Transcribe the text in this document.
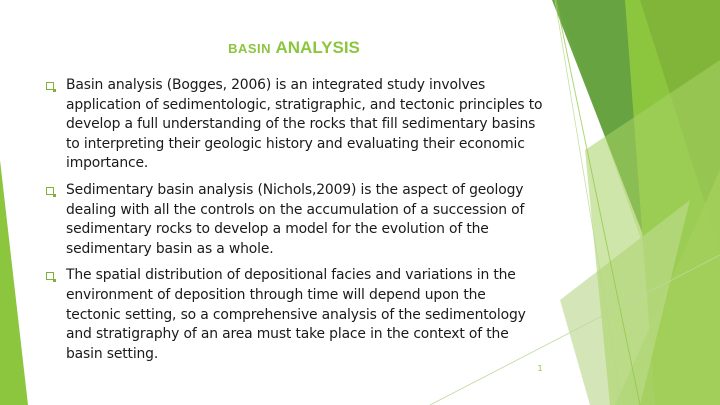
BASIN ANALYSIS
Basin analysis (Bogges, 2006) is an integrated study involves application of sedimentologic, stratigraphic, and tectonic principles to develop a full understanding of the rocks that fill sedimentary basins to interpreting their geologic history and evaluating their economic importance.
Sedimentary basin analysis (Nichols,2009) is the aspect of geology dealing with all the controls on the accumulation of a succession of sedimentary rocks to develop a model for the evolution of the sedimentary basin as a whole.
The spatial distribution of depositional facies and variations in the environment of deposition through time will depend upon the tectonic setting, so a comprehensive analysis of the sedimentology and stratigraphy of an area must take place in the context of the basin setting.
1
